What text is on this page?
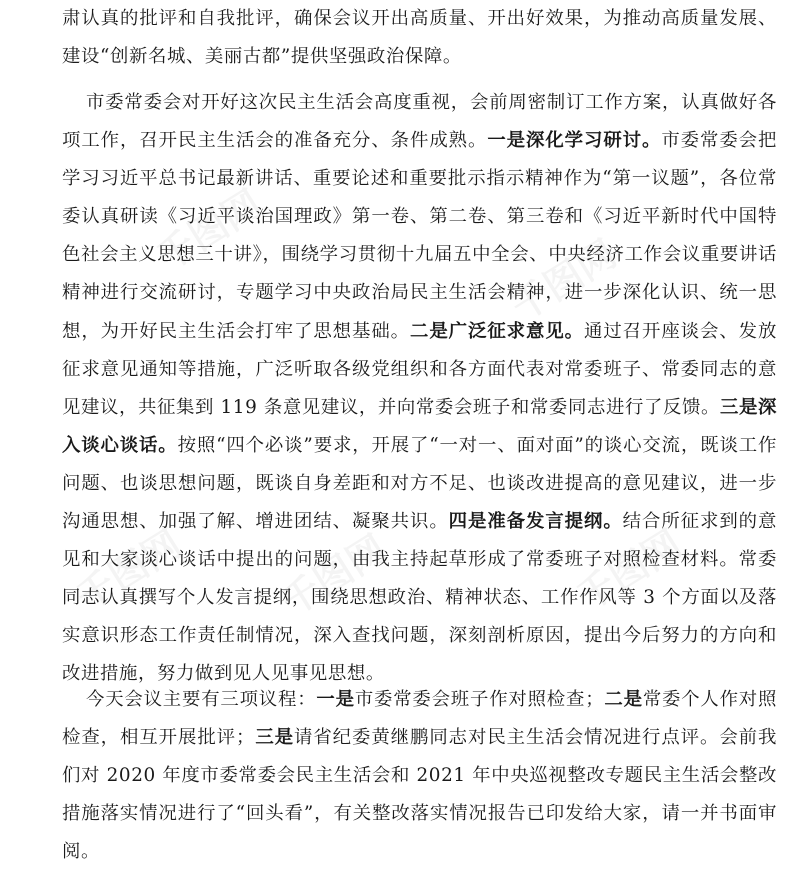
肃认真的批评和自我批评，确保会议开出高质量、开出好效果，为推动高质量发展、建设“创新名城、美丽古都”提供坚强政治保障。

市委常委会对开好这次民主生活会高度重视，会前周密制订工作方案，认真做好各项工作，召开民主生活会的准备充分、条件成熟。一是深化学习研讨。市委常委会把学习习近平总书记最新讲话、重要论述和重要批示指示精神作为“第一议题”，各位常委认真研读《习近平谈治国理政》第一卷、第二卷、第三卷和《习近平新时代中国特色社会主义思想三十讲》，围绕学习贯彻十九届五中全会、中央经济工作会议重要讲话精神进行交流研讨，专题学习中央政治局民主生活会精神，进一步深化认识、统一思想，为开好民主生活会打牢了思想基础。二是广泛征求意见。通过召开座谈会、发放征求意见通知等措施，广泛听取各级党组织和各方面代表对常委班子、常委同志的意见建议，共征集到 119 条意见建议，并向常委会班子和常委同志进行了反馈。三是深入谈心谈话。按照“四个必谈”要求，开展了“一对一、面对面”的谈心交流，既谈工作问题、也谈思想问题，既谈自身差距和对方不足、也谈改进提高的意见建议，进一步沟通思想、加强了解、增进团结、凝聚共识。四是准备发言提纲。结合所征求到的意见和大家谈心谈话中提出的问题，由我主持起草形成了常委班子对照检查材料。常委同志认真撰写个人发言提纲，围绕思想政治、精神状态、工作作风等 3 个方面以及落实意识形态工作责任制情况，深入查找问题，深刻剖析原因，提出今后努力的方向和改进措施，努力做到见人见事见思想。

今天会议主要有三项议程：一是市委常委会班子作对照检查；二是常委个人作对照检查，相互开展批评；三是请省纪委黄继鹏同志对民主生活会情况进行点评。会前我们对 2020 年度市委常委会民主生活会和 2021 年中央巡视整改专题民主生活会整改措施落实情况进行了“回头看”，有关整改落实情况报告已印发给大家，请一并书面审阅。
